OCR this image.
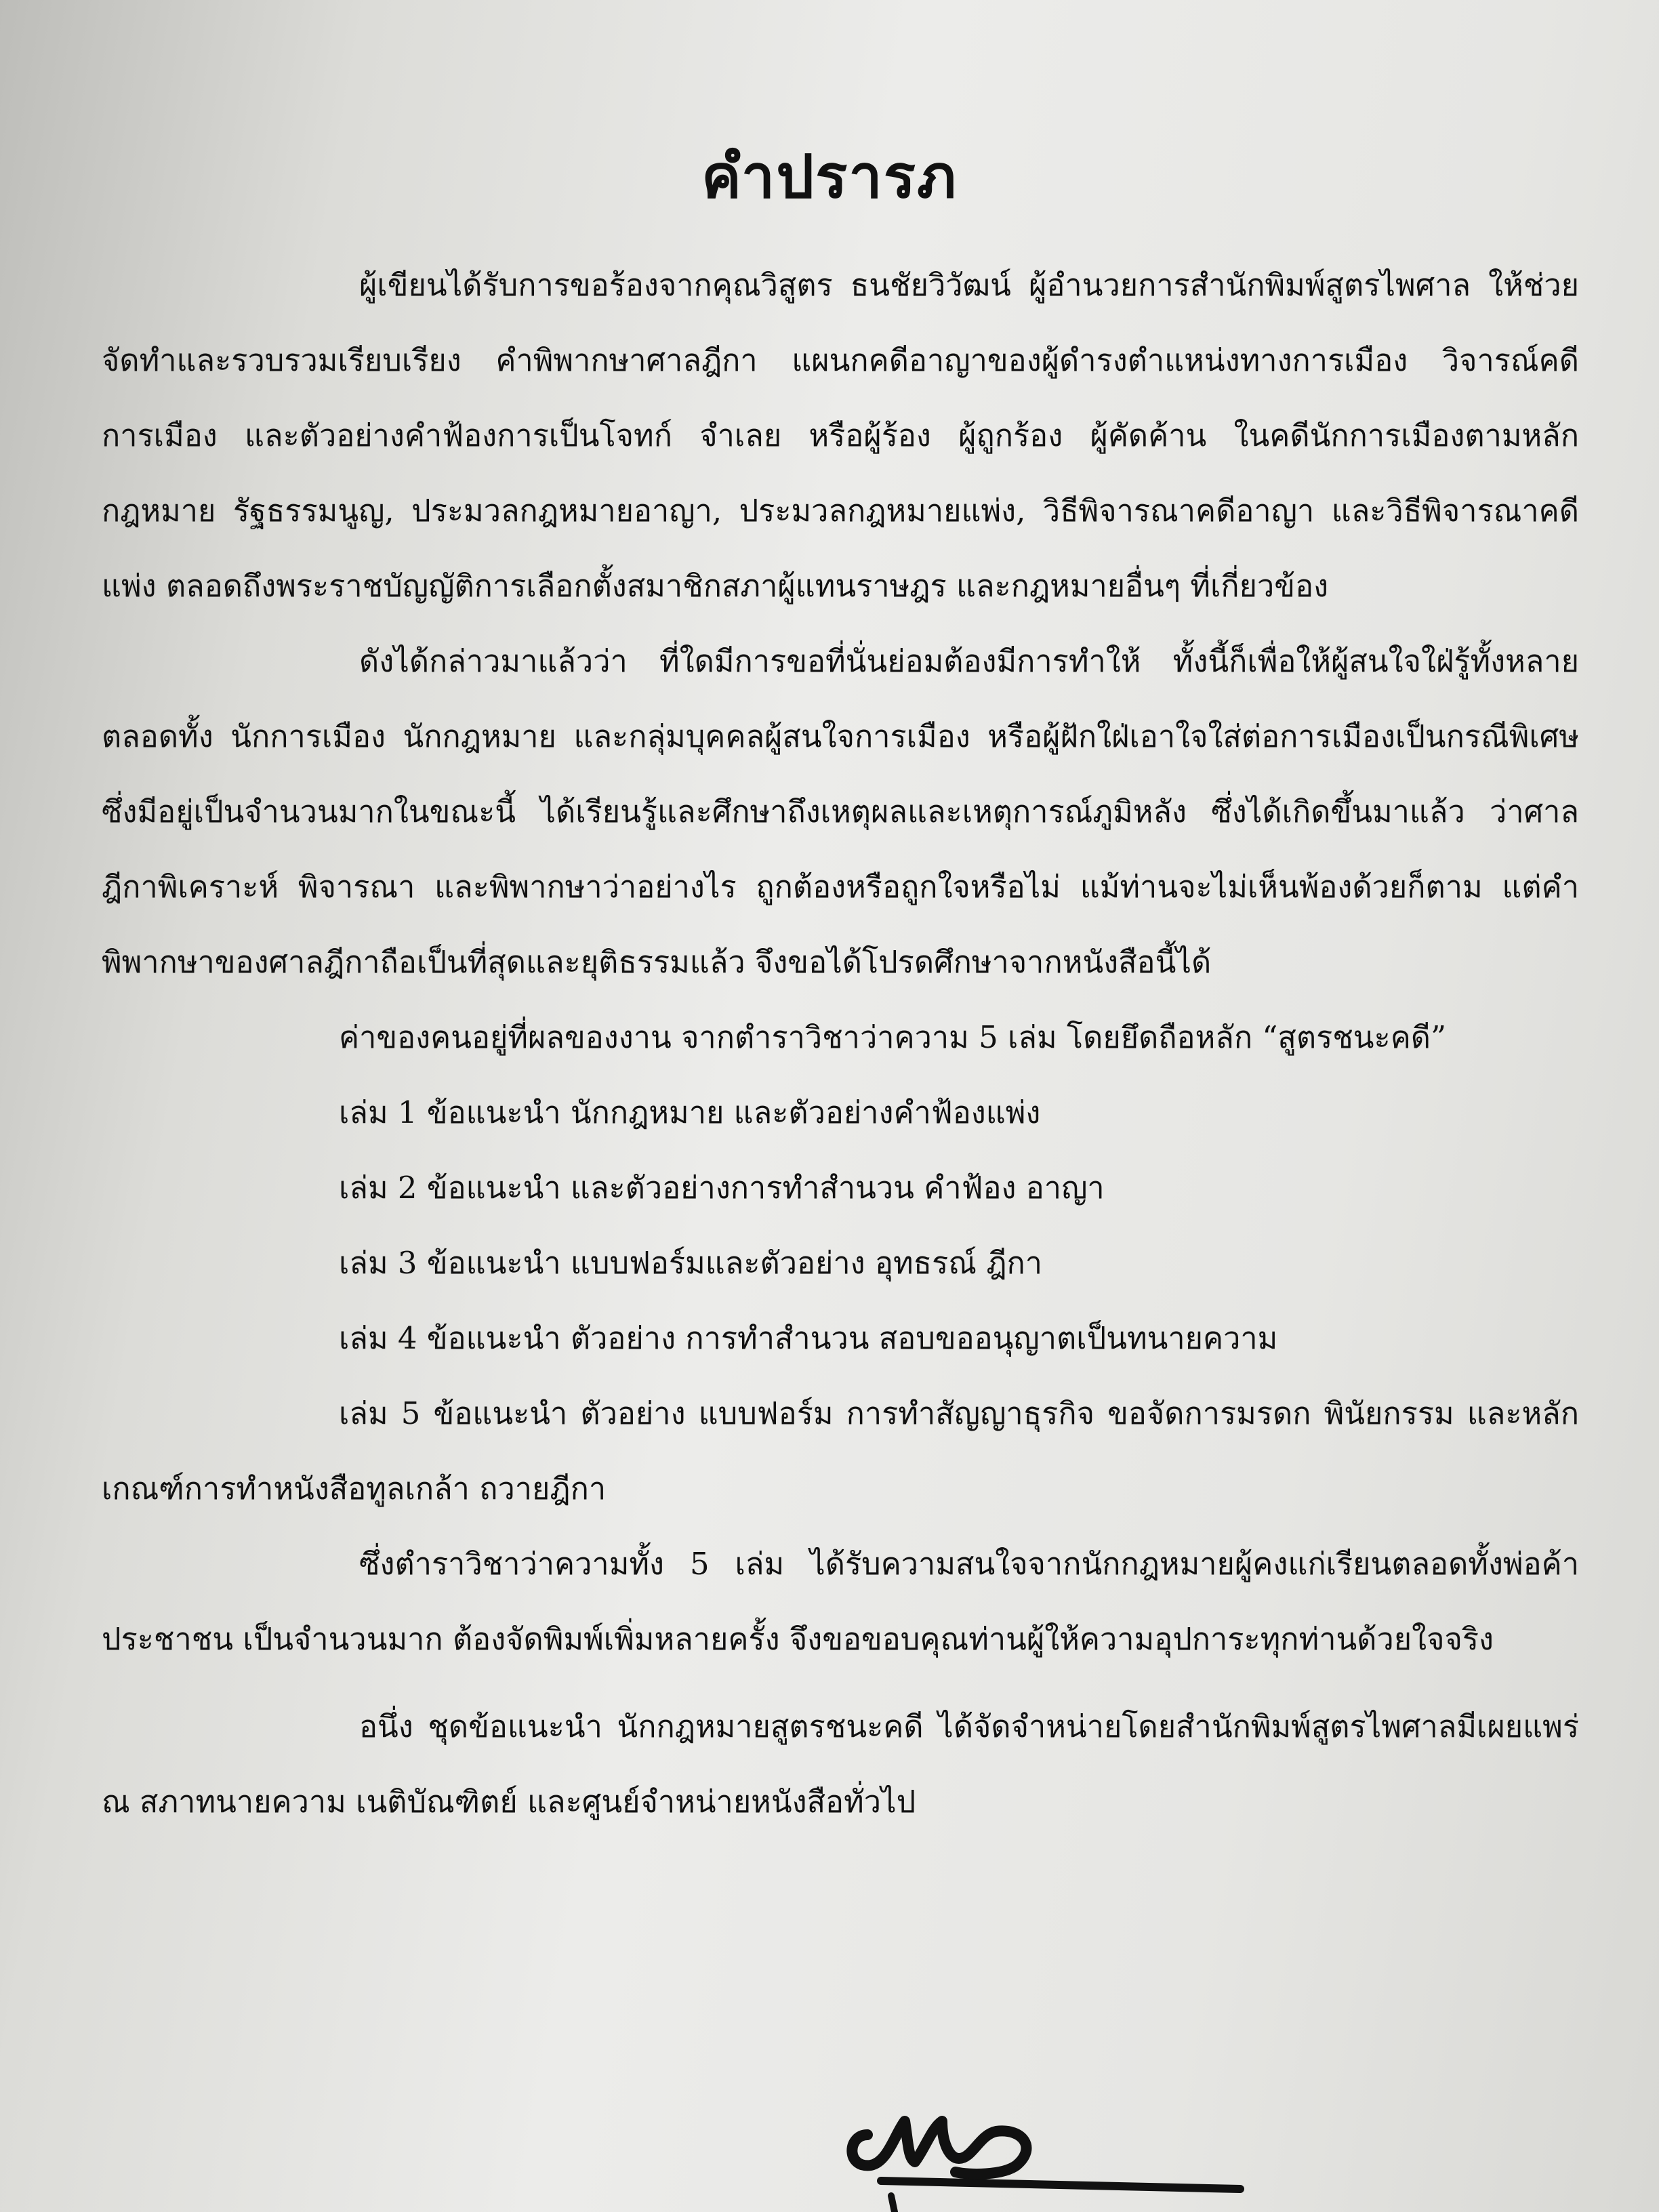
คำปรารภ

ผู้เขียนได้รับการขอร้องจากคุณวิสูตร ธนชัยวิวัฒน์ ผู้อำนวยการสำนักพิมพ์สูตรไพศาล ให้ช่วยจัดทำและรวบรวมเรียบเรียง คำพิพากษาศาลฎีกา แผนกคดีอาญาของผู้ดำรงตำแหน่งทางการเมือง วิจารณ์คดีการเมือง และตัวอย่างคำฟ้องการเป็นโจทก์ จำเลย หรือผู้ร้อง ผู้ถูกร้อง ผู้คัดค้าน ในคดีนักการเมืองตามหลักกฎหมาย รัฐธรรมนูญ, ประมวลกฎหมายอาญา, ประมวลกฎหมายแพ่ง, วิธีพิจารณาคดีอาญา และวิธีพิจารณาคดีแพ่ง ตลอดถึงพระราชบัญญัติการเลือกตั้งสมาชิกสภาผู้แทนราษฎร และกฎหมายอื่นๆ ที่เกี่ยวข้อง

ดังได้กล่าวมาแล้วว่า ที่ใดมีการขอที่นั่นย่อมต้องมีการทำให้ ทั้งนี้ก็เพื่อให้ผู้สนใจใฝ่รู้ทั้งหลายตลอดทั้ง นักการเมือง นักกฎหมาย และกลุ่มบุคคลผู้สนใจการเมือง หรือผู้ฝักใฝ่เอาใจใส่ต่อการเมืองเป็นกรณีพิเศษ ซึ่งมีอยู่เป็นจำนวนมากในขณะนี้ ได้เรียนรู้และศึกษาถึงเหตุผลและเหตุการณ์ภูมิหลัง ซึ่งได้เกิดขึ้นมาแล้ว ว่าศาลฎีกาพิเคราะห์ พิจารณา และพิพากษาว่าอย่างไร ถูกต้องหรือถูกใจหรือไม่ แม้ท่านจะไม่เห็นพ้องด้วยก็ตาม แต่คำพิพากษาของศาลฎีกาถือเป็นที่สุดและยุติธรรมแล้ว จึงขอได้โปรดศึกษาจากหนังสือนี้ได้

ค่าของคนอยู่ที่ผลของงาน จากตำราวิชาว่าความ 5 เล่ม โดยยึดถือหลัก “สูตรชนะคดี”
เล่ม 1 ข้อแนะนำ นักกฎหมาย และตัวอย่างคำฟ้องแพ่ง
เล่ม 2 ข้อแนะนำ และตัวอย่างการทำสำนวน คำฟ้อง อาญา
เล่ม 3 ข้อแนะนำ แบบฟอร์มและตัวอย่าง อุทธรณ์ ฎีกา
เล่ม 4 ข้อแนะนำ ตัวอย่าง การทำสำนวน สอบขออนุญาตเป็นทนายความ

เล่ม 5 ข้อแนะนำ ตัวอย่าง แบบฟอร์ม การทำสัญญาธุรกิจ ขอจัดการมรดก พินัยกรรม และหลักเกณฑ์การทำหนังสือทูลเกล้า ถวายฎีกา

ซึ่งตำราวิชาว่าความทั้ง 5 เล่ม ได้รับความสนใจจากนักกฎหมายผู้คงแก่เรียนตลอดทั้งพ่อค้าประชาชน เป็นจำนวนมาก ต้องจัดพิมพ์เพิ่มหลายครั้ง จึงขอขอบคุณท่านผู้ให้ความอุปการะทุกท่านด้วยใจจริง

อนึ่ง ชุดข้อแนะนำ นักกฎหมายสูตรชนะคดี ได้จัดจำหน่ายโดยสำนักพิมพ์สูตรไพศาลมีเผยแพร่ ณ สภาทนายความ เนติบัณฑิตย์ และศูนย์จำหน่ายหนังสือทั่วไป
